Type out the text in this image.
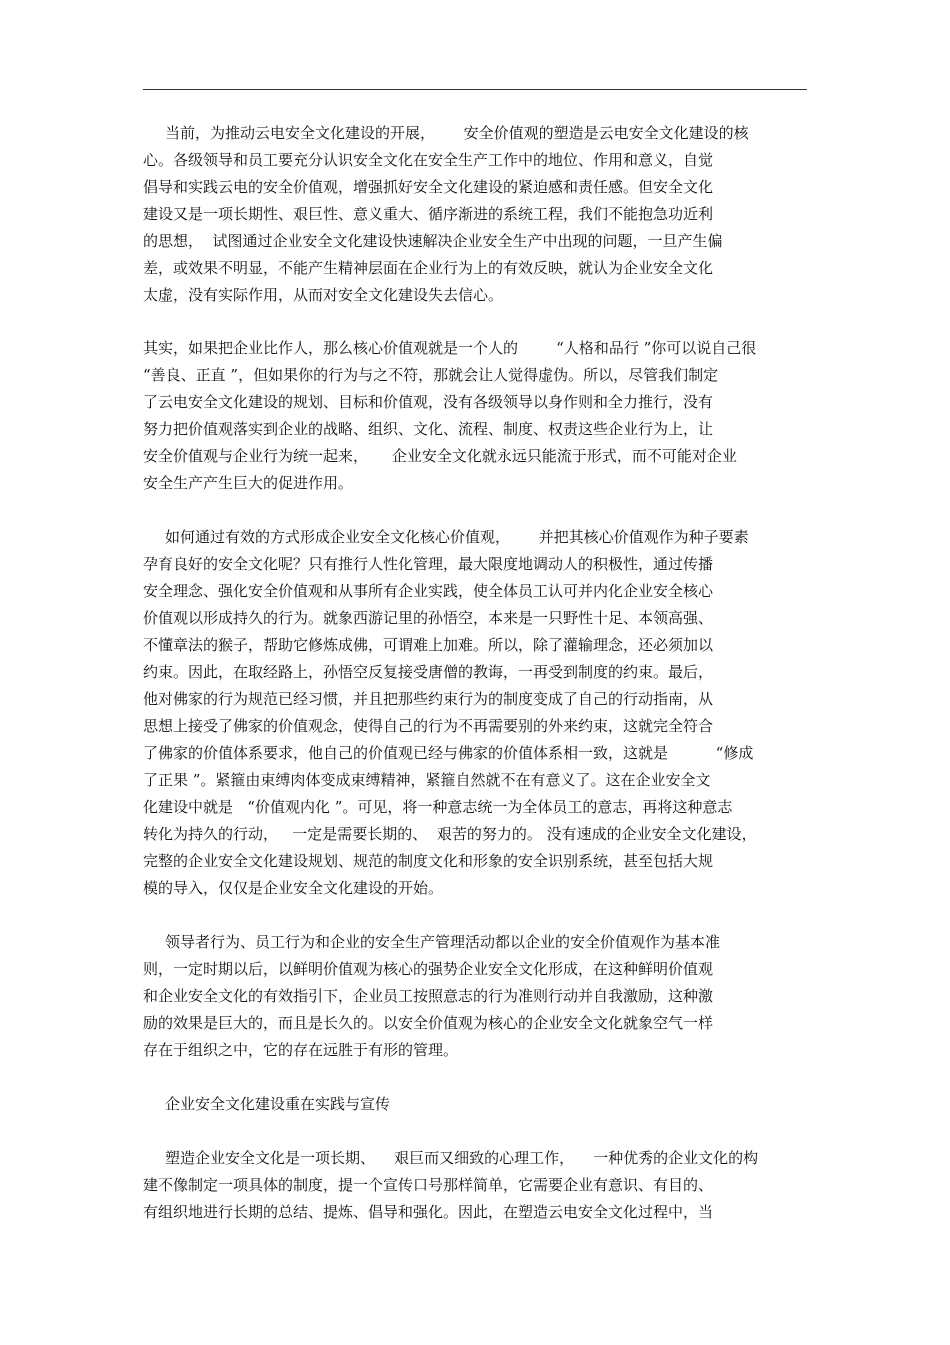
当前，为推动云电安全文化建设的开展，      安全价值观的塑造是云电安全文化建设的核
心。各级领导和员工要充分认识安全文化在安全生产工作中的地位、作用和意义，自觉
倡导和实践云电的安全价值观，增强抓好安全文化建设的紧迫感和责任感。但安全文化
建设又是一项长期性、艰巨性、意义重大、循序渐进的系统工程，我们不能抱急功近利
的思想，  试图通过企业安全文化建设快速解决企业安全生产中出现的问题，一旦产生偏
差，或效果不明显，不能产生精神层面在企业行为上的有效反映，就认为企业安全文化
太虚，没有实际作用，从而对安全文化建设失去信心。
其实，如果把企业比作人，那么核心价值观就是一个人的        “人格和品行 ”你可以说自己很
“善良、正直 ”，但如果你的行为与之不符，那就会让人觉得虚伪。所以，尽管我们制定
了云电安全文化建设的规划、目标和价值观，没有各级领导以身作则和全力推行，没有
努力把价值观落实到企业的战略、组织、文化、流程、制度、权责这些企业行为上，让
安全价值观与企业行为统一起来，     企业安全文化就永远只能流于形式，而不可能对企业
安全生产产生巨大的促进作用。
如何通过有效的方式形成企业安全文化核心价值观，      并把其核心价值观作为种子要素
孕育良好的安全文化呢？只有推行人性化管理，最大限度地调动人的积极性，通过传播
安全理念、强化安全价值观和从事所有企业实践，使全体员工认可并内化企业安全核心
价值观以形成持久的行为。就象西游记里的孙悟空，本来是一只野性十足、本领高强、
不懂章法的猴子，帮助它修炼成佛，可谓难上加难。所以，除了灌输理念，还必须加以
约束。因此，在取经路上，孙悟空反复接受唐僧的教诲，一再受到制度的约束。最后，
他对佛家的行为规范已经习惯，并且把那些约束行为的制度变成了自己的行动指南，从
思想上接受了佛家的价值观念，使得自己的行为不再需要别的外来约束，这就完全符合
了佛家的价值体系要求，他自己的价值观已经与佛家的价值体系相一致，这就是          “修成
了正果 ”。紧箍由束缚肉体变成束缚精神，紧箍自然就不在有意义了。这在企业安全文
化建设中就是   “价值观内化 ”。可见，将一种意志统一为全体员工的意志，再将这种意志
转化为持久的行动，   一定是需要长期的、  艰苦的努力的。 没有速成的企业安全文化建设，
完整的企业安全文化建设规划、规范的制度文化和形象的安全识别系统，甚至包括大规
模的导入，仅仅是企业安全文化建设的开始。
领导者行为、员工行为和企业的安全生产管理活动都以企业的安全价值观作为基本准
则，一定时期以后，以鲜明价值观为核心的强势企业安全文化形成，在这种鲜明价值观
和企业安全文化的有效指引下，企业员工按照意志的行为准则行动并自我激励，这种激
励的效果是巨大的，而且是长久的。以安全价值观为核心的企业安全文化就象空气一样
存在于组织之中，它的存在远胜于有形的管理。
企业安全文化建设重在实践与宣传
塑造企业安全文化是一项长期、    艰巨而又细致的心理工作，    一种优秀的企业文化的构
建不像制定一项具体的制度，提一个宣传口号那样简单，它需要企业有意识、有目的、
有组织地进行长期的总结、提炼、倡导和强化。因此，在塑造云电安全文化过程中，当
